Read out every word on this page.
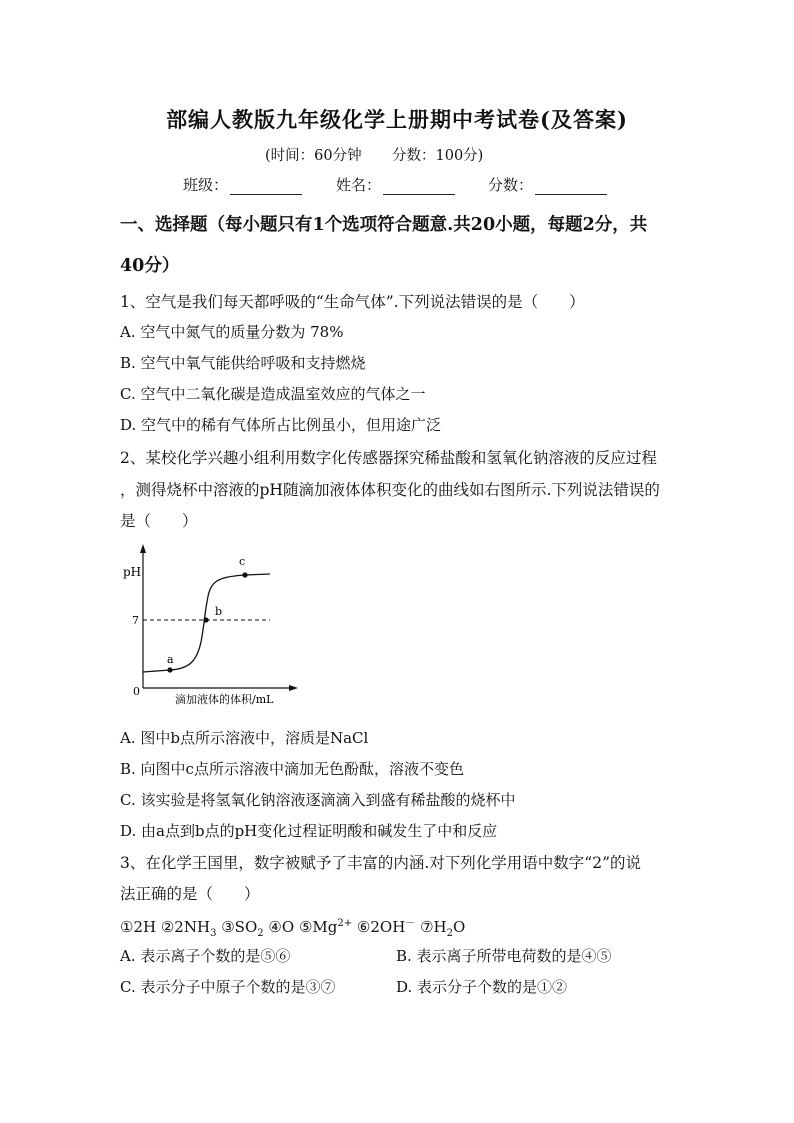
部编人教版九年级化学上册期中考试卷(及答案)
(时间：60分钟 分数：100分)
班级：	姓名：	分数：
一、选择题（每小题只有1个选项符合题意.共20小题，每题2分，共
40分）
1、空气是我们每天都呼吸的“生命气体”.下列说法错误的是（　　）
A. 空气中氮气的质量分数为 78%
B. 空气中氧气能供给呼吸和支持燃烧
C. 空气中二氧化碳是造成温室效应的气体之一
D. 空气中的稀有气体所占比例虽小，但用途广泛
2、某校化学兴趣小组利用数字化传感器探究稀盐酸和氢氧化钠溶液的反应过程
，测得烧杯中溶液的pH随滴加液体体积变化的曲线如右图所示.下列说法错误的
是（　　）
pH
0
7
a
b
c
滴加液体的体积/mL
A. 图中b点所示溶液中，溶质是NaCl
B. 向图中c点所示溶液中滴加无色酚酞，溶液不变色
C. 该实验是将氢氧化钠溶液逐滴滴入到盛有稀盐酸的烧杯中
D. 由a点到b点的pH变化过程证明酸和碱发生了中和反应
3、在化学王国里，数字被赋予了丰富的内涵.对下列化学用语中数字“2”的说
法正确的是（　　）
①2H $②2NH_3$ $③SO_2$ ④O $⑤Mg^{2+}$ ⑥2OH－ $⑦H_2O$
A. 表示离子个数的是⑤⑥	B. 表示离子所带电荷数的是④⑤
C. 表示分子中原子个数的是③⑦	D. 表示分子个数的是①②
